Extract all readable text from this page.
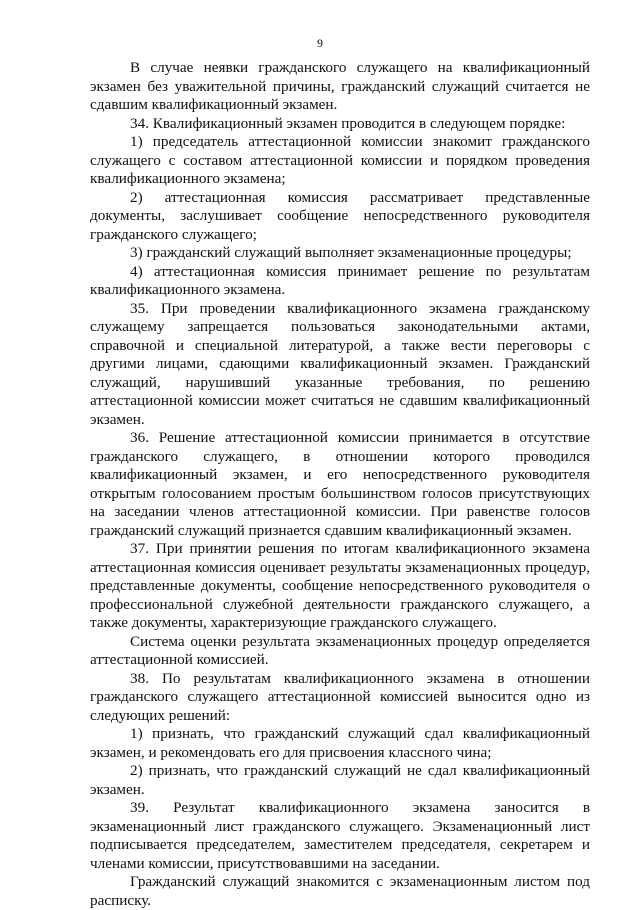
9

В случае неявки гражданского служащего на квалификационный экзамен без уважительной причины, гражданский служащий считается не сдавшим квалификационный экзамен.

34. Квалификационный экзамен проводится в следующем порядке:

1) председатель аттестационной комиссии знакомит гражданского служащего с составом аттестационной комиссии и порядком проведения квалификационного экзамена;

2) аттестационная комиссия рассматривает представленные документы, заслушивает сообщение непосредственного руководителя гражданского служащего;

3) гражданский служащий выполняет экзаменационные процедуры;

4) аттестационная комиссия принимает решение по результатам квалификационного экзамена.

35. При проведении квалификационного экзамена гражданскому служащему запрещается пользоваться законодательными актами, справочной и специальной литературой, а также вести переговоры с другими лицами, сдающими квалификационный экзамен. Гражданский служащий, нарушивший указанные требования, по решению аттестационной комиссии может считаться не сдавшим квалификационный экзамен.

36. Решение аттестационной комиссии принимается в отсутствие гражданского служащего, в отношении которого проводился квалификационный экзамен, и его непосредственного руководителя открытым голосованием простым большинством голосов присутствующих на заседании членов аттестационной комиссии. При равенстве голосов гражданский служащий признается сдавшим квалификационный экзамен.

37. При принятии решения по итогам квалификационного экзамена аттестационная комиссия оценивает результаты экзаменационных процедур, представленные документы, сообщение непосредственного руководителя о профессиональной служебной деятельности гражданского служащего, а также документы, характеризующие гражданского служащего.

Система оценки результата экзаменационных процедур определяется аттестационной комиссией.

38. По результатам квалификационного экзамена в отношении гражданского служащего аттестационной комиссией выносится одно из следующих решений:

1) признать, что гражданский служащий сдал квалификационный экзамен, и рекомендовать его для присвоения классного чина;

2) признать, что гражданский служащий не сдал квалификационный экзамен.

39. Результат квалификационного экзамена заносится в экзаменационный лист гражданского служащего. Экзаменационный лист подписывается председателем, заместителем председателя, секретарем и членами комиссии, присутствовавшими на заседании.

Гражданский служащий знакомится с экзаменационным листом под расписку.
